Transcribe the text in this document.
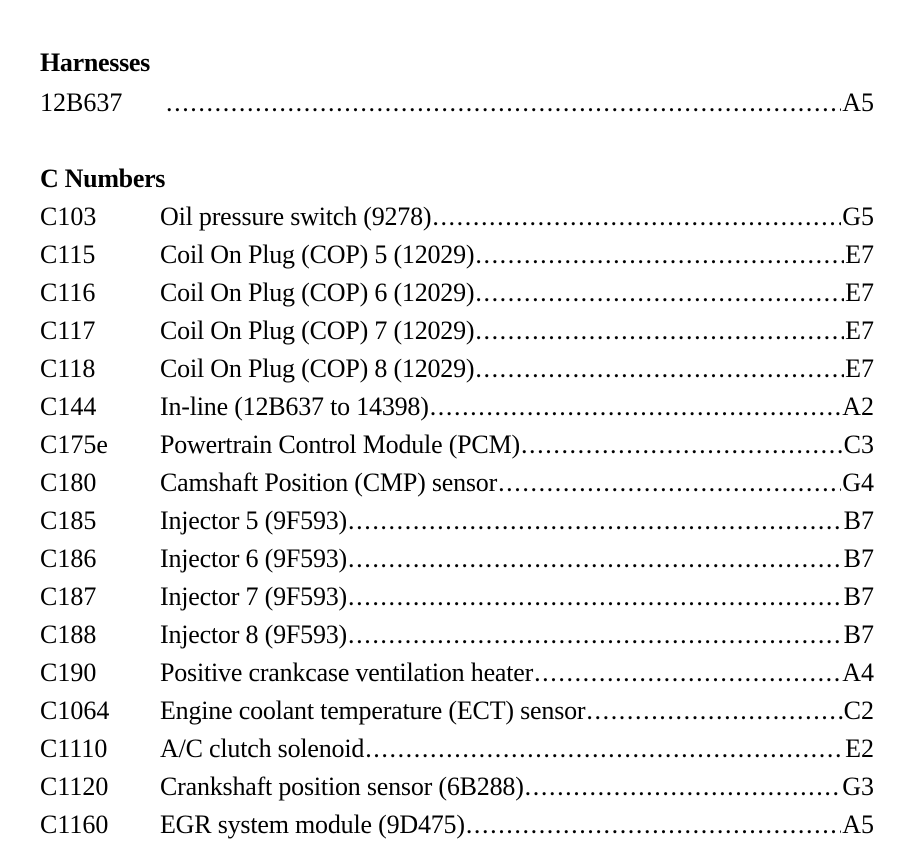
Harnesses
12B637 .....	A5
C Numbers
C103	Oil pressure switch (9278) .....	G5
C115	Coil On Plug (COP) 5 (12029) .....	E7
C116	Coil On Plug (COP) 6 (12029) .....	E7
C117	Coil On Plug (COP) 7 (12029) .....	E7
C118	Coil On Plug (COP) 8 (12029) .....	E7
C144	In-line (12B637 to 14398) .....	A2
C175e	Powertrain Control Module (PCM) .....	C3
C180	Camshaft Position (CMP) sensor .....	G4
C185	Injector 5 (9F593) .....	B7
C186	Injector 6 (9F593) .....	B7
C187	Injector 7 (9F593) .....	B7
C188	Injector 8 (9F593) .....	B7
C190	Positive crankcase ventilation heater .....	A4
C1064	Engine coolant temperature (ECT) sensor .....	C2
C1110	A/C clutch solenoid .....	E2
C1120	Crankshaft position sensor (6B288) .....	G3
C1160	EGR system module (9D475) .....	A5
